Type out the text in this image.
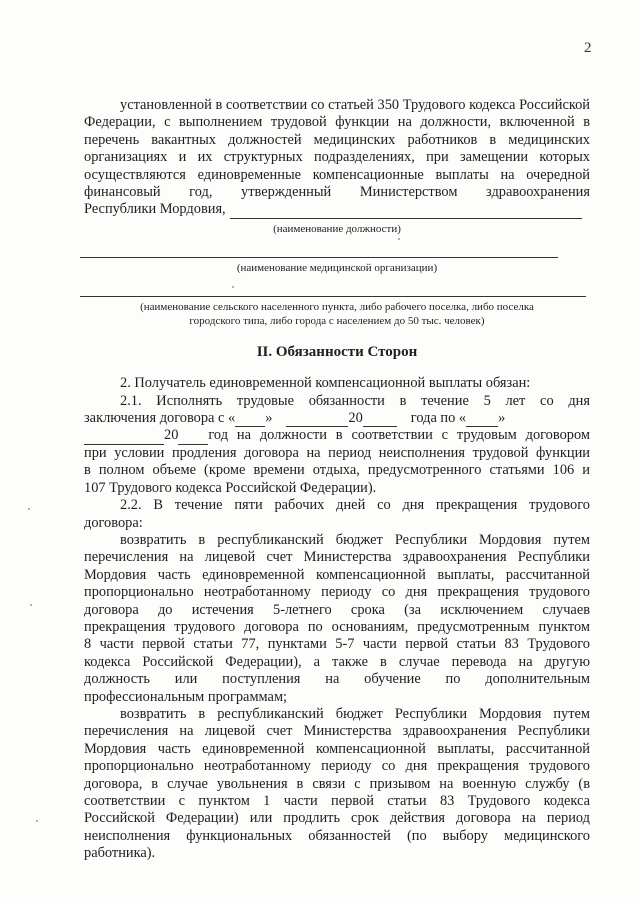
2

установленной в соответствии со статьей 350 Трудового кодекса Российской

Федерации, с выполнением трудовой функции на должности, включенной в

перечень вакантных должностей медицинских работников в медицинских

организациях и их структурных подразделениях, при замещении которых

осуществляются единовременные компенсационные выплаты на очередной

финансовый год, утвержденный Министерством здравоохранения

Республики Мордовия,

(наименование должности)

(наименование медицинской организации)

(наименование сельского населенного пункта, либо рабочего поселка, либо поселка

городского типа, либо города с населением до 50 тыс. человек)

II. Обязанности Сторон

2. Получатель единовременной компенсационной выплаты обязан:

2.1. Исполнять трудовые обязанности в течение 5 лет со дня

заключения договора с « »	20	года по « »

20 год на должности в соответствии с трудовым договором

при условии продления договора на период неисполнения трудовой функции

в полном объеме (кроме времени отдыха, предусмотренного статьями 106 и

107 Трудового кодекса Российской Федерации).

2.2. В течение пяти рабочих дней со дня прекращения трудового

договора:

возвратить в республиканский бюджет Республики Мордовия путем

перечисления на лицевой счет Министерства здравоохранения Республики

Мордовия часть единовременной компенсационной выплаты, рассчитанной

пропорционально неотработанному периоду со дня прекращения трудового

договора до истечения 5-летнего срока (за исключением случаев

прекращения трудового договора по основаниям, предусмотренным пунктом

8 части первой статьи 77, пунктами 5-7 части первой статьи 83 Трудового

кодекса Российской Федерации), а также в случае перевода на другую

должность или поступления на обучение по дополнительным

профессиональным программам;

возвратить в республиканский бюджет Республики Мордовия путем

перечисления на лицевой счет Министерства здравоохранения Республики

Мордовия часть единовременной компенсационной выплаты, рассчитанной

пропорционально неотработанному периоду со дня прекращения трудового

договора, в случае увольнения в связи с призывом на военную службу (в

соответствии с пунктом 1 части первой статьи 83 Трудового кодекса

Российской Федерации) или продлить срок действия договора на период

неисполнения функциональных обязанностей (по выбору медицинского

работника).
